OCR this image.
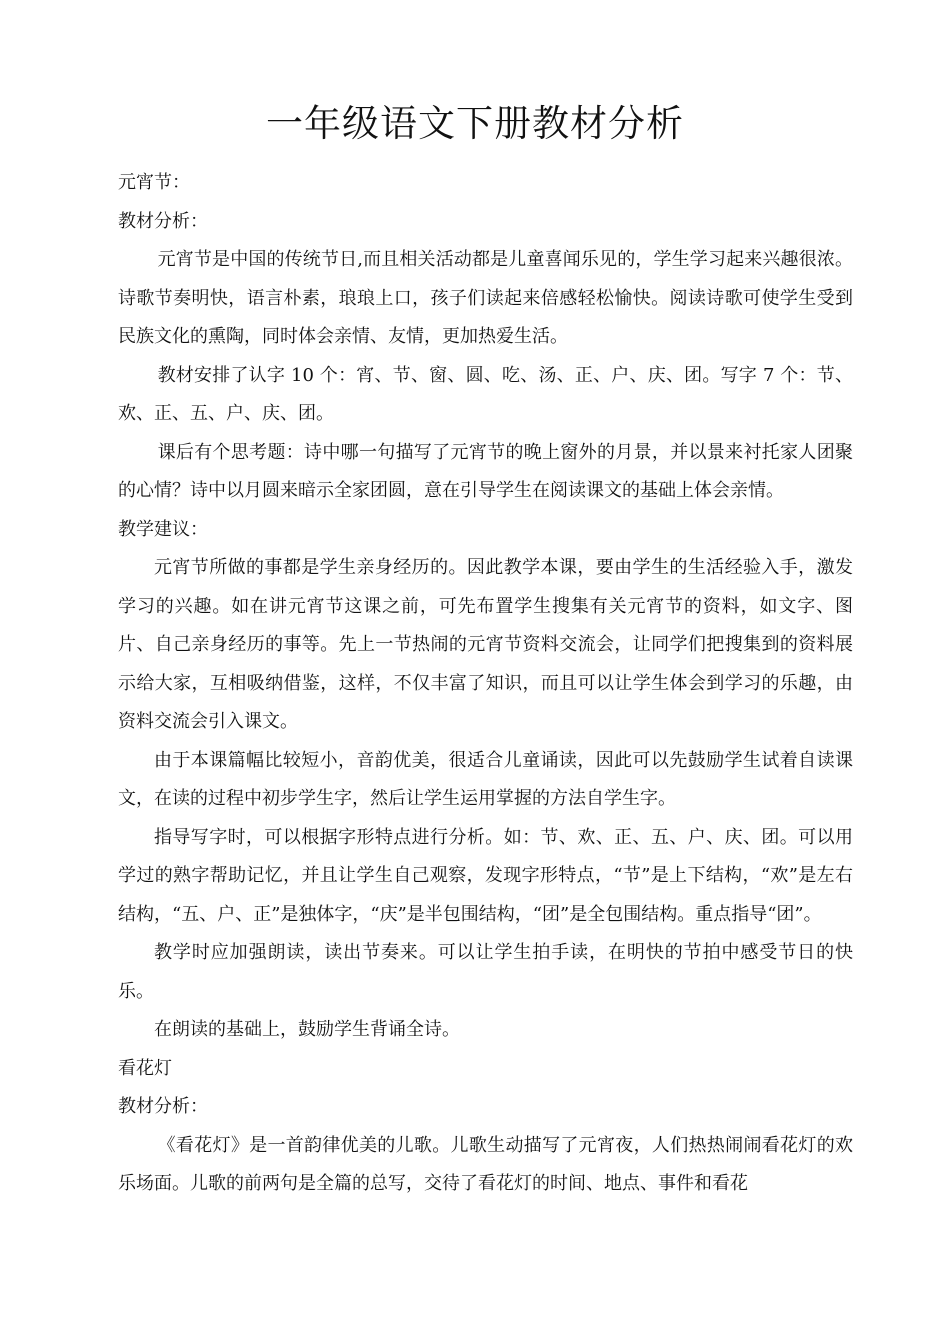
一年级语文下册教材分析

元宵节：

教材分析：

元宵节是中国的传统节日,而且相关活动都是儿童喜闻乐见的，学生学习起来兴趣很浓。诗歌节奏明快，语言朴素，琅琅上口，孩子们读起来倍感轻松愉快。阅读诗歌可使学生受到民族文化的熏陶，同时体会亲情、友情，更加热爱生活。

教材安排了认字 10 个：宵、节、窗、圆、吃、汤、正、户、庆、团。写字 7 个：节、欢、正、五、户、庆、团。

课后有个思考题：诗中哪一句描写了元宵节的晚上窗外的月景，并以景来衬托家人团聚的心情？诗中以月圆来暗示全家团圆，意在引导学生在阅读课文的基础上体会亲情。

教学建议：

元宵节所做的事都是学生亲身经历的。因此教学本课，要由学生的生活经验入手，激发学习的兴趣。如在讲元宵节这课之前，可先布置学生搜集有关元宵节的资料，如文字、图片、自己亲身经历的事等。先上一节热闹的元宵节资料交流会，让同学们把搜集到的资料展示给大家，互相吸纳借鉴，这样，不仅丰富了知识，而且可以让学生体会到学习的乐趣，由资料交流会引入课文。

由于本课篇幅比较短小，音韵优美，很适合儿童诵读，因此可以先鼓励学生试着自读课文，在读的过程中初步学生字，然后让学生运用掌握的方法自学生字。

指导写字时，可以根据字形特点进行分析。如：节、欢、正、五、户、庆、团。可以用学过的熟字帮助记忆，并且让学生自己观察，发现字形特点，“节”是上下结构，“欢”是左右结构，“五、户、正”是独体字，“庆”是半包围结构，“团”是全包围结构。重点指导“团”。

教学时应加强朗读，读出节奏来。可以让学生拍手读，在明快的节拍中感受节日的快乐。

在朗读的基础上，鼓励学生背诵全诗。

看花灯

教材分析：

《看花灯》是一首韵律优美的儿歌。儿歌生动描写了元宵夜，人们热热闹闹看花灯的欢乐场面。儿歌的前两句是全篇的总写，交待了看花灯的时间、地点、事件和看花
